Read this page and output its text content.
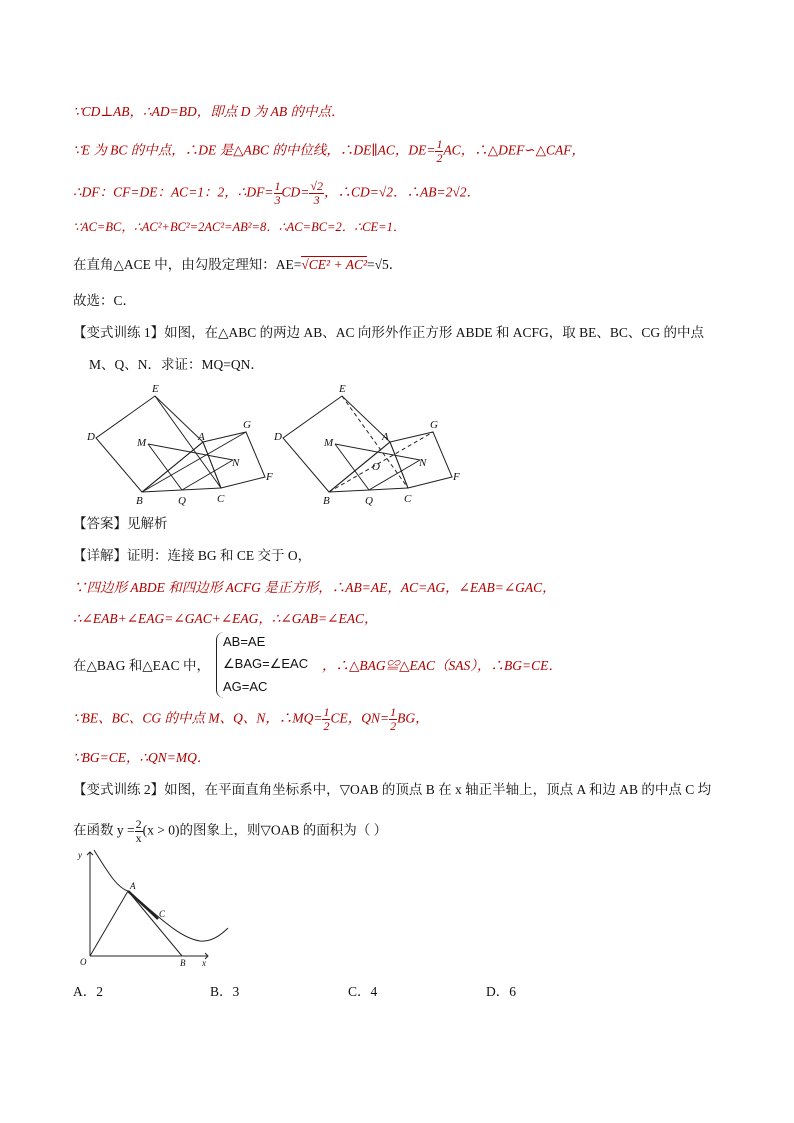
∵CD⊥AB，∴AD=BD，即点 D 为 AB 的中点．
∵E 为 BC 的中点，∴DE 是△ABC 的中位线，∴DE∥AC，$DE= \frac{1}{2}$ AC，∴△DEF∽△CAF，
∴DF：CF=DE：AC=1：2，∴DF= $\frac{1}{3} CD= \frac{√2}{3}$ ，∴CD=√2．∴AB=2√2．
∵AC=BC，∴AC²+BC²=2AC²=AB²=8．∴AC=BC=2．∴CE=1．
在直角△ACE 中，由勾股定理知：AE=√CE² + AC²=√5．
故选：C．
【变式训练 1】如图，在△ABC 的两边 AB、AC 向形外作正方形 ABDE 和 ACFG，取 BE、BC、CG 的中点
M、Q、N．求证：MQ=QN．
E
D	M	A
G
N
F
B	Q	C
E
D	M	A
G
O	N
F
B	Q	C
【答案】见解析
【详解】证明：连接 BG 和 CE 交于 O，
∵四边形 ABDE 和四边形 ACFG 是正方形，∴AB=AE，AC=AG，∠EAB=∠GAC，
∴∠EAB+∠EAG=∠GAC+∠EAG，∴∠GAB=∠EAC，
在△BAG 和△EAC 中，
AB=AE
∠BAG=∠EAC
AG=AC
，∴△BAG≌△EAC（SAS），∴BG=CE．
∵BE、BC、CG 的中点 M、Q、N，∴MQ= $\frac{1}{2}$ CE，$QN= \frac{1}{2}$ BG，
∵BG=CE，∴QN=MQ．
【变式训练 2】如图，在平面直角坐标系中，▽OAB 的顶点 B 在 x 轴正半轴上，顶点 A 和边 AB 的中点 C 均
在函数 $y = \frac{2}{x} (x > 0)$的图象上，则▽OAB 的面积为（ ）
y
A
C
O	B x
A．2	B．3	C．4	D．6
